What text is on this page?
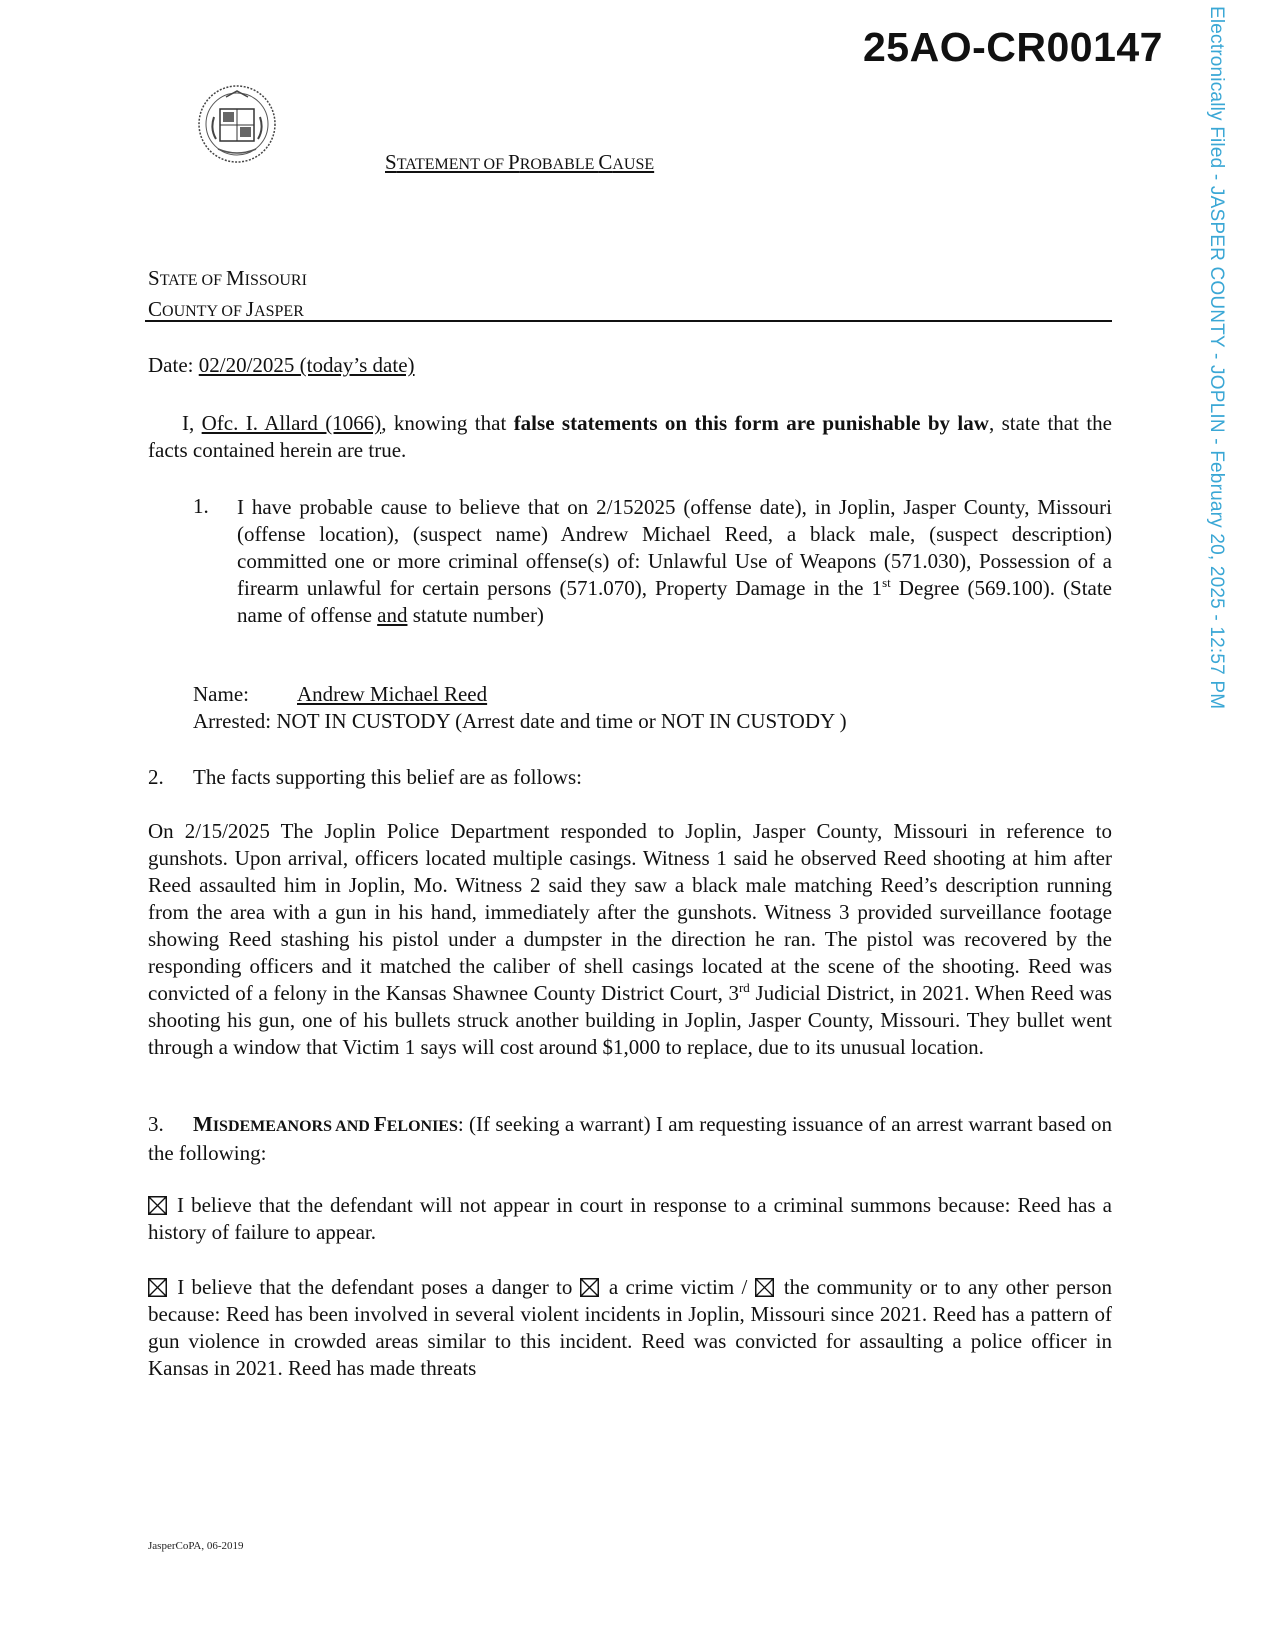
25AO-CR00147 Electronically Filed - JASPER COUNTY - JOPLIN - February 20, 2025 - 12:57 PM
STATEMENT OF PROBABLE CAUSE
STATE OF MISSOURI
COUNTY OF JASPER
Date: 02/20/2025 (today’s date)
I, Ofc. I. Allard (1066), knowing that false statements on this form are punishable by law, state that the facts contained herein are true.
1. I have probable cause to believe that on 2/152025 (offense date), in Joplin, Jasper County, Missouri (offense location), (suspect name) Andrew Michael Reed, a black male, (suspect description) committed one or more criminal offense(s) of: Unlawful Use of Weapons (571.030), Possession of a firearm unlawful for certain persons (571.070), Property Damage in the 1st Degree (569.100). (State name of offense and statute number)
Name: Andrew Michael Reed
Arrested: NOT IN CUSTODY (Arrest date and time or NOT IN CUSTODY )
2. The facts supporting this belief are as follows:
On 2/15/2025 The Joplin Police Department responded to Joplin, Jasper County, Missouri in reference to gunshots. Upon arrival, officers located multiple casings. Witness 1 said he observed Reed shooting at him after Reed assaulted him in Joplin, Mo. Witness 2 said they saw a black male matching Reed’s description running from the area with a gun in his hand, immediately after the gunshots. Witness 3 provided surveillance footage showing Reed stashing his pistol under a dumpster in the direction he ran. The pistol was recovered by the responding officers and it matched the caliber of shell casings located at the scene of the shooting. Reed was convicted of a felony in the Kansas Shawnee County District Court, 3rd Judicial District, in 2021. When Reed was shooting his gun, one of his bullets struck another building in Joplin, Jasper County, Missouri. They bullet went through a window that Victim 1 says will cost around $1,000 to replace, due to its unusual location.
3. MISDEMEANORS AND FELONIES: (If seeking a warrant) I am requesting issuance of an arrest warrant based on the following:
I believe that the defendant will not appear in court in response to a criminal summons because: Reed has a history of failure to appear.
I believe that the defendant poses a danger to
a crime victim /
the community or to any other person because: Reed has been involved in several violent incidents in Joplin, Missouri since 2021. Reed has a pattern of gun violence in crowded areas similar to this incident. Reed was convicted for assaulting a police officer in Kansas in 2021. Reed has made threats
JasperCoPA, 06-2019
